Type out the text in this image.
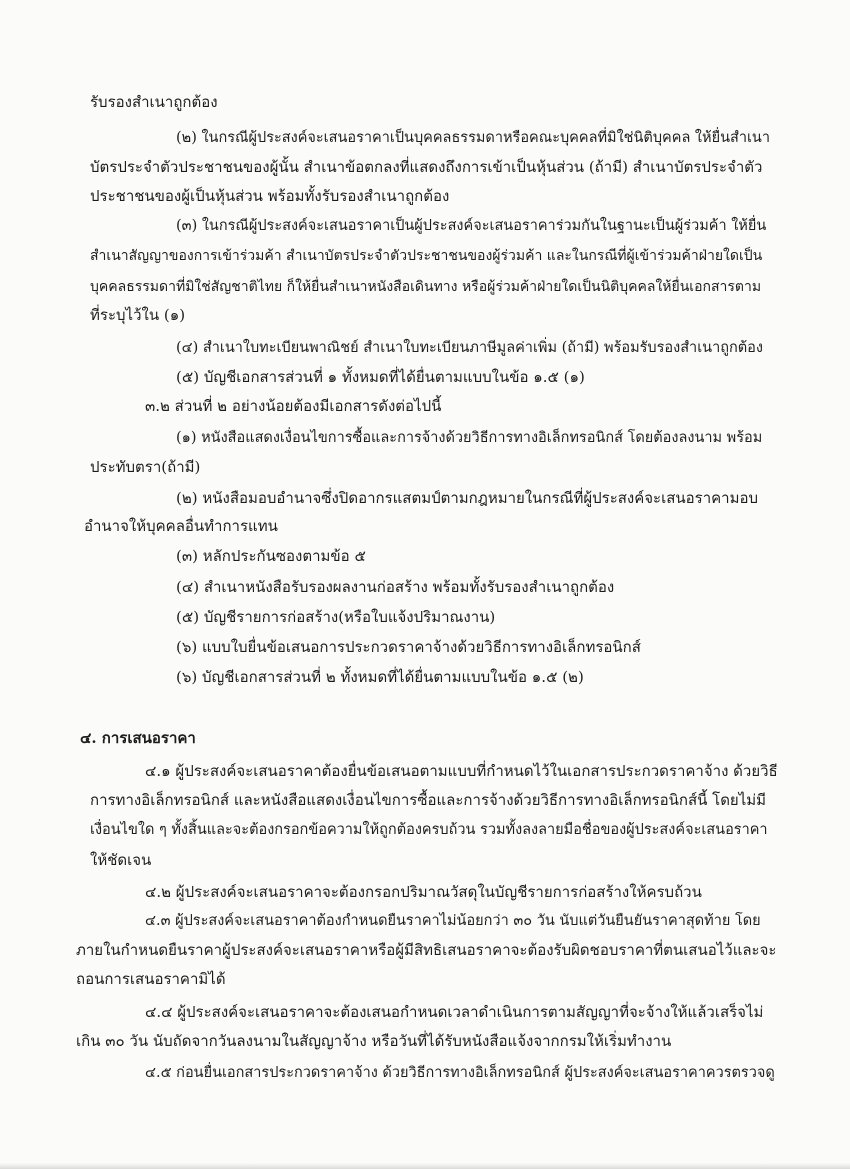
รับรองสำเนาถูกต้อง
(๒) ในกรณีผู้ประสงค์จะเสนอราคาเป็นบุคคลธรรมดาหรือคณะบุคคลที่มิใช่นิติบุคคล ให้ยื่นสำเนา
บัตรประจำตัวประชาชนของผู้นั้น สำเนาข้อตกลงที่แสดงถึงการเข้าเป็นหุ้นส่วน (ถ้ามี) สำเนาบัตรประจำตัว
ประชาชนของผู้เป็นหุ้นส่วน พร้อมทั้งรับรองสำเนาถูกต้อง
(๓) ในกรณีผู้ประสงค์จะเสนอราคาเป็นผู้ประสงค์จะเสนอราคาร่วมกันในฐานะเป็นผู้ร่วมค้า ให้ยื่น
สำเนาสัญญาของการเข้าร่วมค้า สำเนาบัตรประจำตัวประชาชนของผู้ร่วมค้า และในกรณีที่ผู้เข้าร่วมค้าฝ่ายใดเป็น
บุคคลธรรมดาที่มิใช่สัญชาติไทย ก็ให้ยื่นสำเนาหนังสือเดินทาง หรือผู้ร่วมค้าฝ่ายใดเป็นนิติบุคคลให้ยื่นเอกสารตาม
ที่ระบุไว้ใน (๑)
(๔) สำเนาใบทะเบียนพาณิชย์ สำเนาใบทะเบียนภาษีมูลค่าเพิ่ม (ถ้ามี) พร้อมรับรองสำเนาถูกต้อง
(๕) บัญชีเอกสารส่วนที่ ๑ ทั้งหมดที่ได้ยื่นตามแบบในข้อ ๑.๕ (๑)
๓.๒ ส่วนที่ ๒ อย่างน้อยต้องมีเอกสารดังต่อไปนี้
(๑) หนังสือแสดงเงื่อนไขการซื้อและการจ้างด้วยวิธีการทางอิเล็กทรอนิกส์ โดยต้องลงนาม พร้อม
ประทับตรา(ถ้ามี)
(๒) หนังสือมอบอำนาจซึ่งปิดอากรแสตมป์ตามกฎหมายในกรณีที่ผู้ประสงค์จะเสนอราคามอบ
อำนาจให้บุคคลอื่นทำการแทน
(๓) หลักประกันซองตามข้อ ๕
(๔) สำเนาหนังสือรับรองผลงานก่อสร้าง พร้อมทั้งรับรองสำเนาถูกต้อง
(๕) บัญชีรายการก่อสร้าง(หรือใบแจ้งปริมาณงาน)
(๖) แบบใบยื่นข้อเสนอการประกวดราคาจ้างด้วยวิธีการทางอิเล็กทรอนิกส์
(๖) บัญชีเอกสารส่วนที่ ๒ ทั้งหมดที่ได้ยื่นตามแบบในข้อ ๑.๕ (๒)
๔. การเสนอราคา
๔.๑ ผู้ประสงค์จะเสนอราคาต้องยื่นข้อเสนอตามแบบที่กำหนดไว้ในเอกสารประกวดราคาจ้าง ด้วยวิธี
การทางอิเล็กทรอนิกส์ และหนังสือแสดงเงื่อนไขการซื้อและการจ้างด้วยวิธีการทางอิเล็กทรอนิกส์นี้ โดยไม่มี
เงื่อนไขใด ๆ ทั้งสิ้นและจะต้องกรอกข้อความให้ถูกต้องครบถ้วน รวมทั้งลงลายมือชื่อของผู้ประสงค์จะเสนอราคา
ให้ชัดเจน
๔.๒ ผู้ประสงค์จะเสนอราคาจะต้องกรอกปริมาณวัสดุในบัญชีรายการก่อสร้างให้ครบถ้วน
๔.๓ ผู้ประสงค์จะเสนอราคาต้องกำหนดยืนราคาไม่น้อยกว่า ๓๐ วัน นับแต่วันยืนยันราคาสุดท้าย โดย
ภายในกำหนดยืนราคาผู้ประสงค์จะเสนอราคาหรือผู้มีสิทธิเสนอราคาจะต้องรับผิดชอบราคาที่ตนเสนอไว้และจะ
ถอนการเสนอราคามิได้
๔.๔ ผู้ประสงค์จะเสนอราคาจะต้องเสนอกำหนดเวลาดำเนินการตามสัญญาที่จะจ้างให้แล้วเสร็จไม่
เกิน ๓๐ วัน นับถัดจากวันลงนามในสัญญาจ้าง หรือวันที่ได้รับหนังสือแจ้งจากกรมให้เริ่มทำงาน
๔.๕ ก่อนยื่นเอกสารประกวดราคาจ้าง ด้วยวิธีการทางอิเล็กทรอนิกส์ ผู้ประสงค์จะเสนอราคาควรตรวจดู
